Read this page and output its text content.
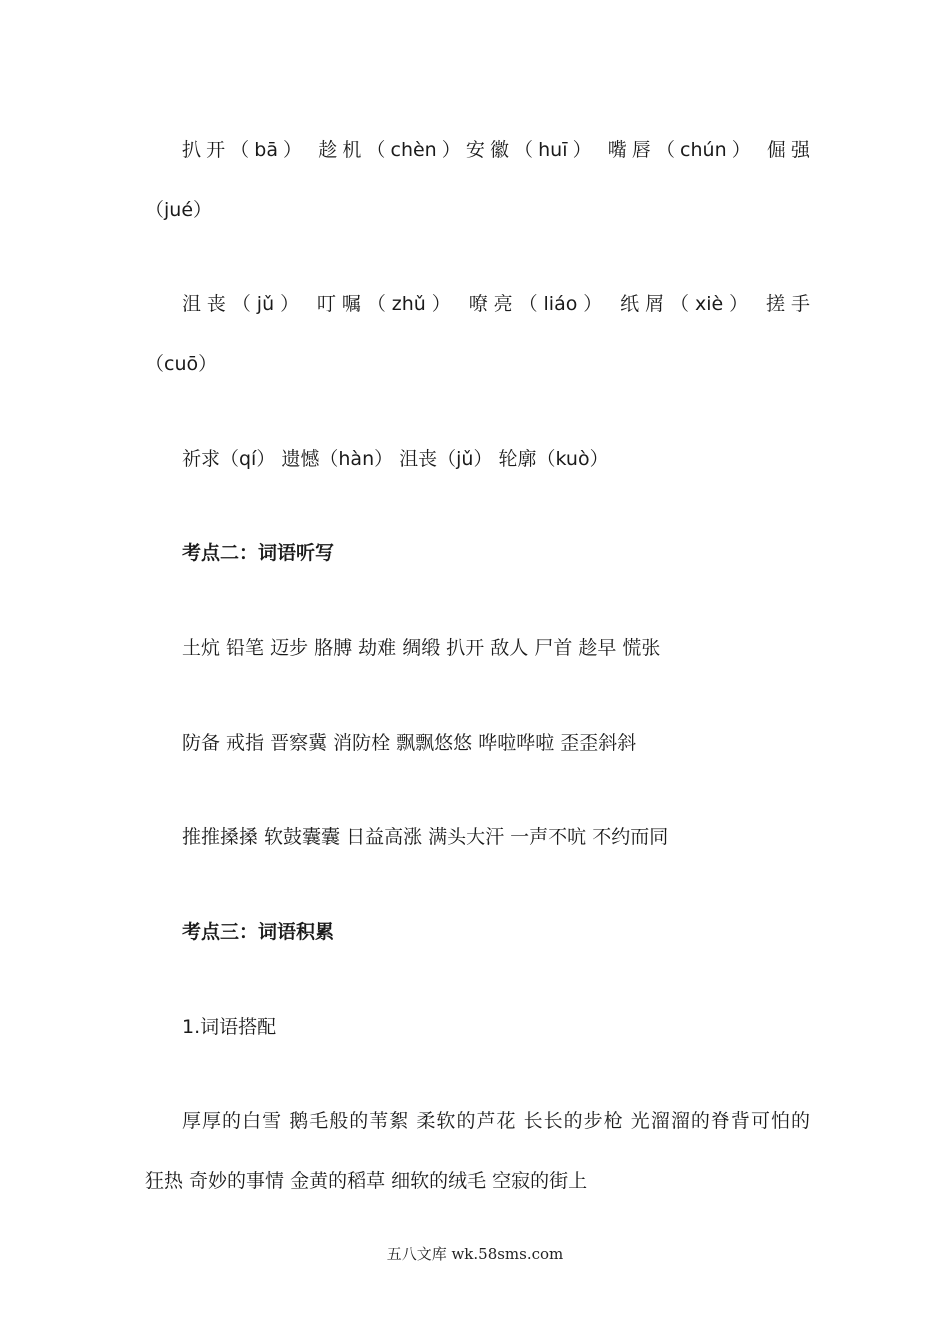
扒开（bā） 趁机（chèn）安徽（huī） 嘴唇（chún） 倔强
（jué）
沮丧（jǔ） 叮嘱（zhǔ） 嘹亮（liáo） 纸屑（xiè） 搓手
（cuō）
祈求（qí） 遗憾（hàn） 沮丧（jǔ） 轮廓（kuò）
考点二：词语听写
土炕 铅笔 迈步 胳膊 劫难 绸缎 扒开 敌人 尸首 趁早 慌张
防备 戒指 晋察冀 消防栓 飘飘悠悠 哗啦哗啦 歪歪斜斜
推推搡搡 软鼓囊囊 日益高涨 满头大汗 一声不吭 不约而同
考点三：词语积累
1.词语搭配
厚厚的白雪 鹅毛般的苇絮 柔软的芦花 长长的步枪 光溜溜的脊背可怕的
狂热 奇妙的事情 金黄的稻草 细软的绒毛 空寂的街上
五八文库 wk.58sms.com
